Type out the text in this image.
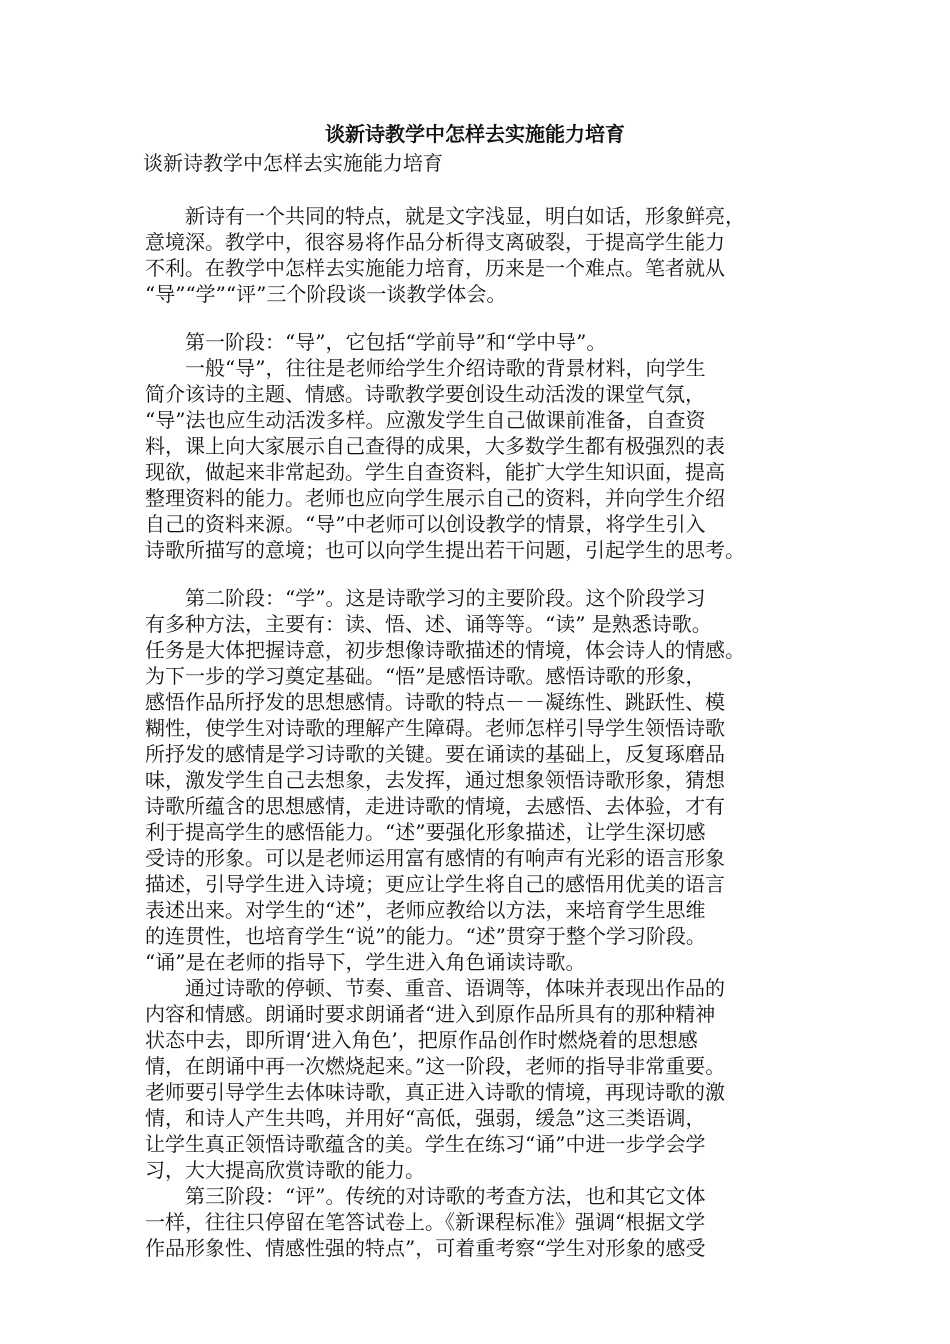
谈新诗教学中怎样去实施能力培育

谈新诗教学中怎样去实施能力培育

　　新诗有一个共同的特点，就是文字浅显，明白如话，形象鲜亮，

意境深。教学中，很容易将作品分析得支离破裂，于提高学生能力

不利。在教学中怎样去实施能力培育，历来是一个难点。笔者就从

“导”“学”“评”三个阶段谈一谈教学体会。

　　第一阶段：“导”，它包括“学前导”和“学中导”。

　　一般“导”，往往是老师给学生介绍诗歌的背景材料，向学生

简介该诗的主题、情感。诗歌教学要创设生动活泼的课堂气氛，

“导”法也应生动活泼多样。应激发学生自己做课前准备，自查资

料，课上向大家展示自己查得的成果，大多数学生都有极强烈的表

现欲，做起来非常起劲。学生自查资料，能扩大学生知识面，提高

整理资料的能力。老师也应向学生展示自己的资料，并向学生介绍

自己的资料来源。“导”中老师可以创设教学的情景，将学生引入

诗歌所描写的意境；也可以向学生提出若干问题，引起学生的思考。

　　第二阶段：“学”。这是诗歌学习的主要阶段。这个阶段学习

有多种方法，主要有：读、悟、述、诵等等。“读” 是熟悉诗歌。

任务是大体把握诗意，初步想像诗歌描述的情境，体会诗人的情感。

为下一步的学习奠定基础。“悟”是感悟诗歌。感悟诗歌的形象，

感悟作品所抒发的思想感情。诗歌的特点－－凝练性、跳跃性、模

糊性，使学生对诗歌的理解产生障碍。老师怎样引导学生领悟诗歌

所抒发的感情是学习诗歌的关键。要在诵读的基础上，反复琢磨品

味，激发学生自己去想象，去发挥，通过想象领悟诗歌形象，猜想

诗歌所蕴含的思想感情，走进诗歌的情境，去感悟、去体验，才有

利于提高学生的感悟能力。“述”要强化形象描述，让学生深切感

受诗的形象。可以是老师运用富有感情的有响声有光彩的语言形象

描述，引导学生进入诗境；更应让学生将自己的感悟用优美的语言

表述出来。对学生的“述”，老师应教给以方法，来培育学生思维

的连贯性，也培育学生“说”的能力。“述”贯穿于整个学习阶段。

“诵”是在老师的指导下，学生进入角色诵读诗歌。

　　通过诗歌的停顿、节奏、重音、语调等，体味并表现出作品的

内容和情感。朗诵时要求朗诵者“进入到原作品所具有的那种精神

状态中去，即所谓‘进入角色’，把原作品创作时燃烧着的思想感

情，在朗诵中再一次燃烧起来。”这一阶段，老师的指导非常重要。

老师要引导学生去体味诗歌，真正进入诗歌的情境，再现诗歌的激

情，和诗人产生共鸣，并用好“高低，强弱，缓急”这三类语调，

让学生真正领悟诗歌蕴含的美。学生在练习“诵”中进一步学会学

习，大大提高欣赏诗歌的能力。

　　第三阶段：“评”。传统的对诗歌的考查方法，也和其它文体

一样，往往只停留在笔答试卷上。《新课程标准》强调“根据文学

作品形象性、情感性强的特点”，可着重考察“学生对形象的感受
